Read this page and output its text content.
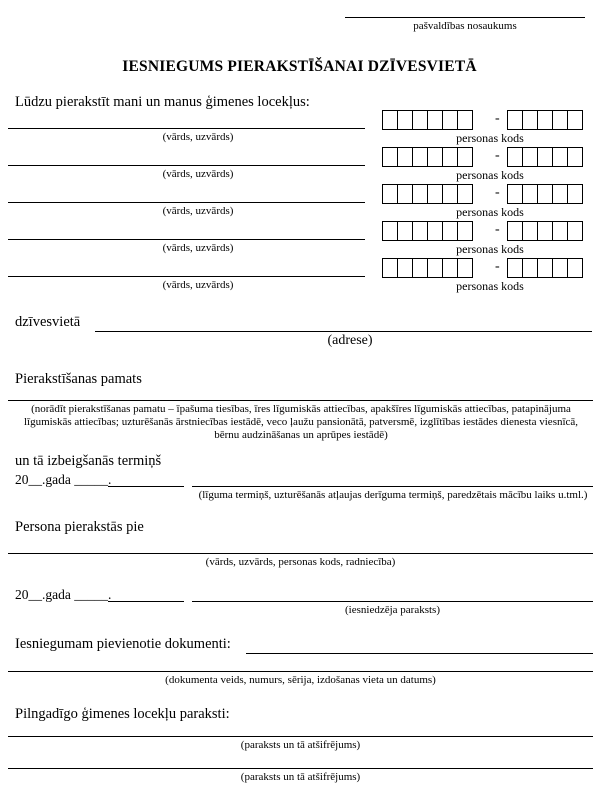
pašvaldības nosaukums
IESNIEGUMS PIERAKSTĪŠANAI DZĪVESVIETĀ
Lūdzu pierakstīt mani un manus ģimenes locekļus:
(vārds, uzvārds)
-
personas kods
(vārds, uzvārds)
-
personas kods
(vārds, uzvārds)
-
personas kods
(vārds, uzvārds)
-
personas kods
(vārds, uzvārds)
-
personas kods
dzīvesvietā
(adrese)
Pierakstīšanas pamats
(norādīt pierakstīšanas pamatu – īpašuma tiesības, īres līgumiskās attiecības, apakšīres līgumiskās attiecības, patapinājuma līgumiskās attiecības; uzturēšanās ārstniecības iestādē, veco ļaužu pansionātā, patversmē, izglītības iestādes dienesta viesnīcā, bērnu audzināšanas un aprūpes iestādē)
un tā izbeigšanās termiņš
20__.gada _____.
(līguma termiņš, uzturēšanās atļaujas derīguma termiņš, paredzētais mācību laiks u.tml.)
Persona pierakstās pie
(vārds, uzvārds, personas kods, radniecība)
20__.gada _____.
(iesniedzēja paraksts)
Iesniegumam pievienotie dokumenti:
(dokumenta veids, numurs, sērija, izdošanas vieta un datums)
Pilngadīgo ģimenes locekļu paraksti:
(paraksts un tā atšifrējums)
(paraksts un tā atšifrējums)
